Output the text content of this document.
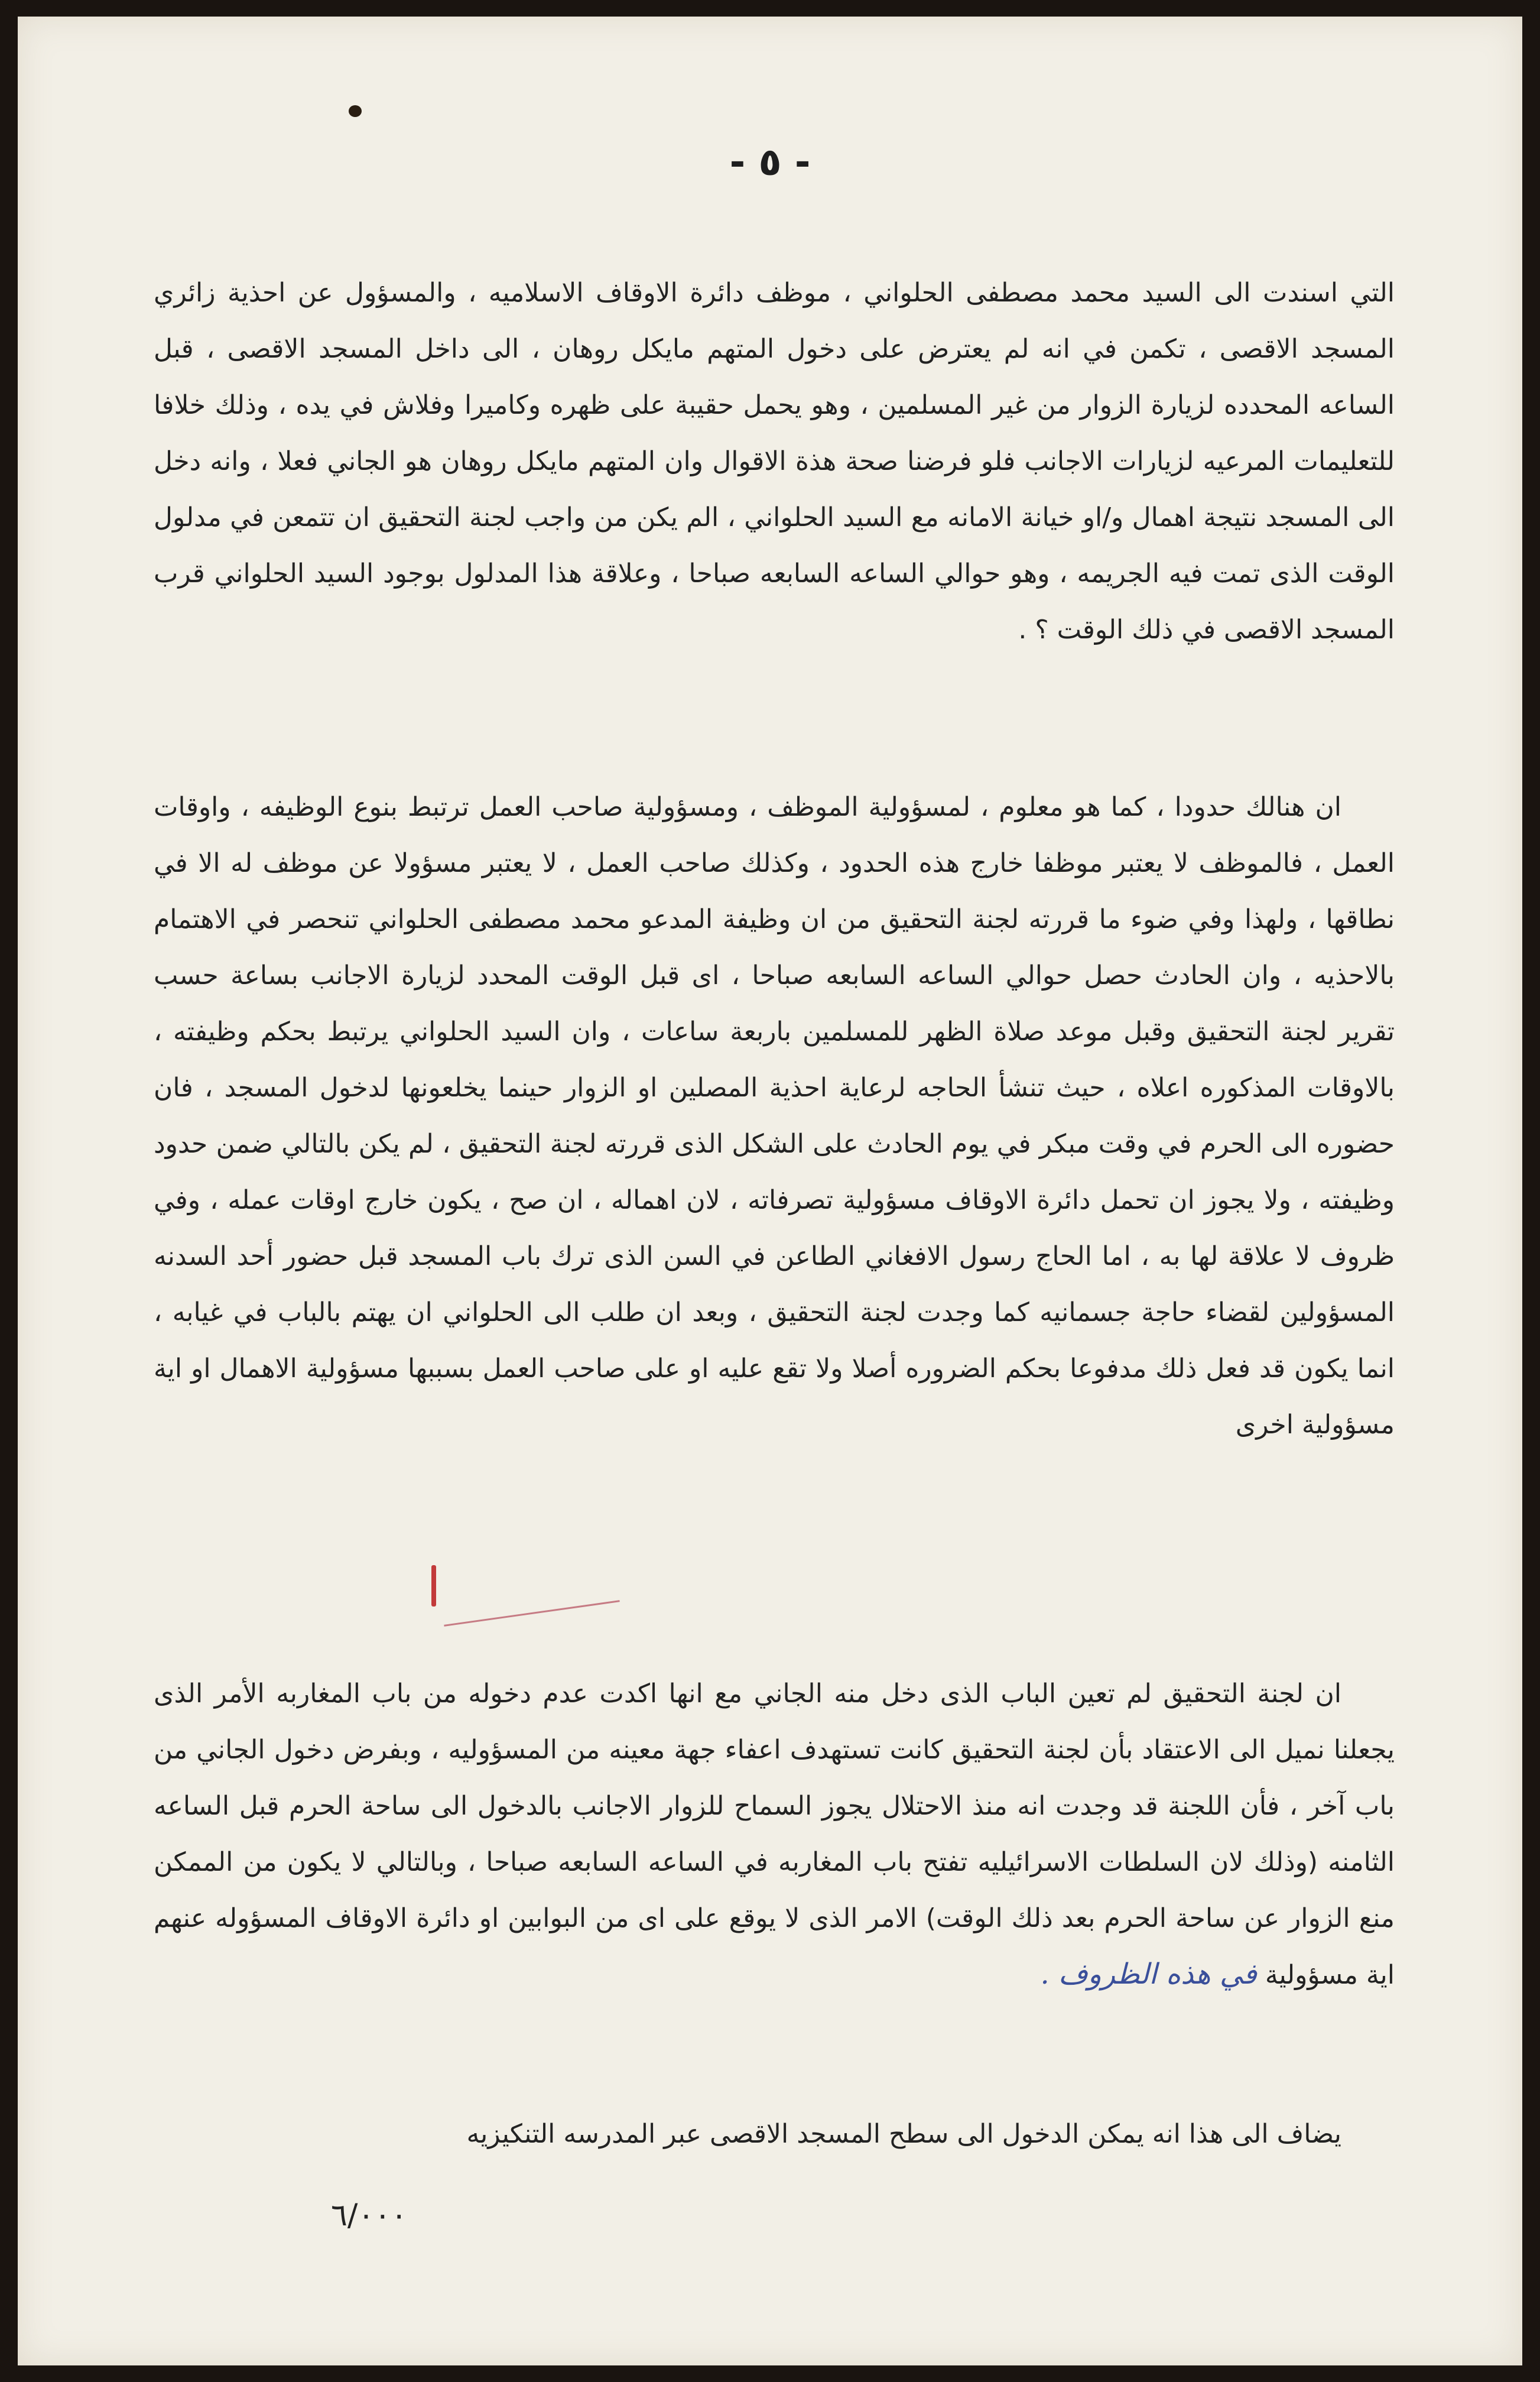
- ٥ -

التي اسندت الى السيد محمد مصطفى الحلواني ، موظف دائرة الاوقاف الاسلاميه ، والمسؤول عن احذية زائري المسجد الاقصى ، تكمن في انه لم يعترض على دخول المتهم مايكل روهان ، الى داخل المسجد الاقصى ، قبل الساعه المحدده لزيارة الزوار من غير المسلمين ، وهو يحمل حقيبة على ظهره وكاميرا وفلاش في يده ، وذلك خلافا للتعليمات المرعيه لزيارات الاجانب فلو فرضنا صحة هذة الاقوال وان المتهم مايكل روهان هو الجاني فعلا ، وانه دخل الى المسجد نتيجة اهمال و/او خيانة الامانه مع السيد الحلواني ، الم يكن من واجب لجنة التحقيق ان تتمعن في مدلول الوقت الذى تمت فيه الجريمه ، وهو حوالي الساعه السابعه صباحا ، وعلاقة هذا المدلول بوجود السيد الحلواني قرب المسجد الاقصى في ذلك الوقت ؟ .

ان هنالك حدودا ، كما هو معلوم ، لمسؤولية الموظف ، ومسؤولية صاحب العمل ترتبط بنوع الوظيفه ، واوقات العمل ، فالموظف لا يعتبر موظفا خارج هذه الحدود ، وكذلك صاحب العمل ، لا يعتبر مسؤولا عن موظف له الا في نطاقها ، ولهذا وفي ضوء ما قررته لجنة التحقيق من ان وظيفة المدعو محمد مصطفى الحلواني تنحصر في الاهتمام بالاحذيه ، وان الحادث حصل حوالي الساعه السابعه صباحا ، اى قبل الوقت المحدد لزيارة الاجانب بساعة حسب تقرير لجنة التحقيق وقبل موعد صلاة الظهر للمسلمين باربعة ساعات ، وان السيد الحلواني يرتبط بحكم وظيفته ، بالاوقات المذكوره اعلاه ، حيث تنشأ الحاجه لرعاية احذية المصلين او الزوار حينما يخلعونها لدخول المسجد ، فان حضوره الى الحرم في وقت مبكر في يوم الحادث على الشكل الذى قررته لجنة التحقيق ، لم يكن بالتالي ضمن حدود وظيفته ، ولا يجوز ان تحمل دائرة الاوقاف مسؤولية تصرفاته ، لان اهماله ، ان صح ، يكون خارج اوقات عمله ، وفي ظروف لا علاقة لها به ، اما الحاج رسول الافغاني الطاعن في السن الذى ترك باب المسجد قبل حضور أحد السدنه المسؤولين لقضاء حاجة جسمانيه كما وجدت لجنة التحقيق ، وبعد ان طلب الى الحلواني ان يهتم بالباب في غيابه ، انما يكون قد فعل ذلك مدفوعا بحكم الضروره أصلا ولا تقع عليه او على صاحب العمل بسببها مسؤولية الاهمال او اية مسؤولية اخرى

ان لجنة التحقيق لم تعين الباب الذى دخل منه الجاني مع انها اكدت عدم دخوله من باب المغاربه الأمر الذى يجعلنا نميل الى الاعتقاد بأن لجنة التحقيق كانت تستهدف اعفاء جهة معينه من المسؤوليه ، وبفرض دخول الجاني من باب آخر ، فأن اللجنة قد وجدت انه منذ الاحتلال يجوز السماح للزوار الاجانب بالدخول الى ساحة الحرم قبل الساعه الثامنه (وذلك لان السلطات الاسرائيليه تفتح باب المغاربه في الساعه السابعه صباحا ، وبالتالي لا يكون من الممكن منع الزوار عن ساحة الحرم بعد ذلك الوقت) الامر الذى لا يوقع على اى من البوابين او دائرة الاوقاف المسؤوله عنهم اية مسؤولية في هذه الظروف .

يضاف الى هذا انه يمكن الدخول الى سطح المسجد الاقصى عبر المدرسه التنكيزيه

٦/٠٠٠
